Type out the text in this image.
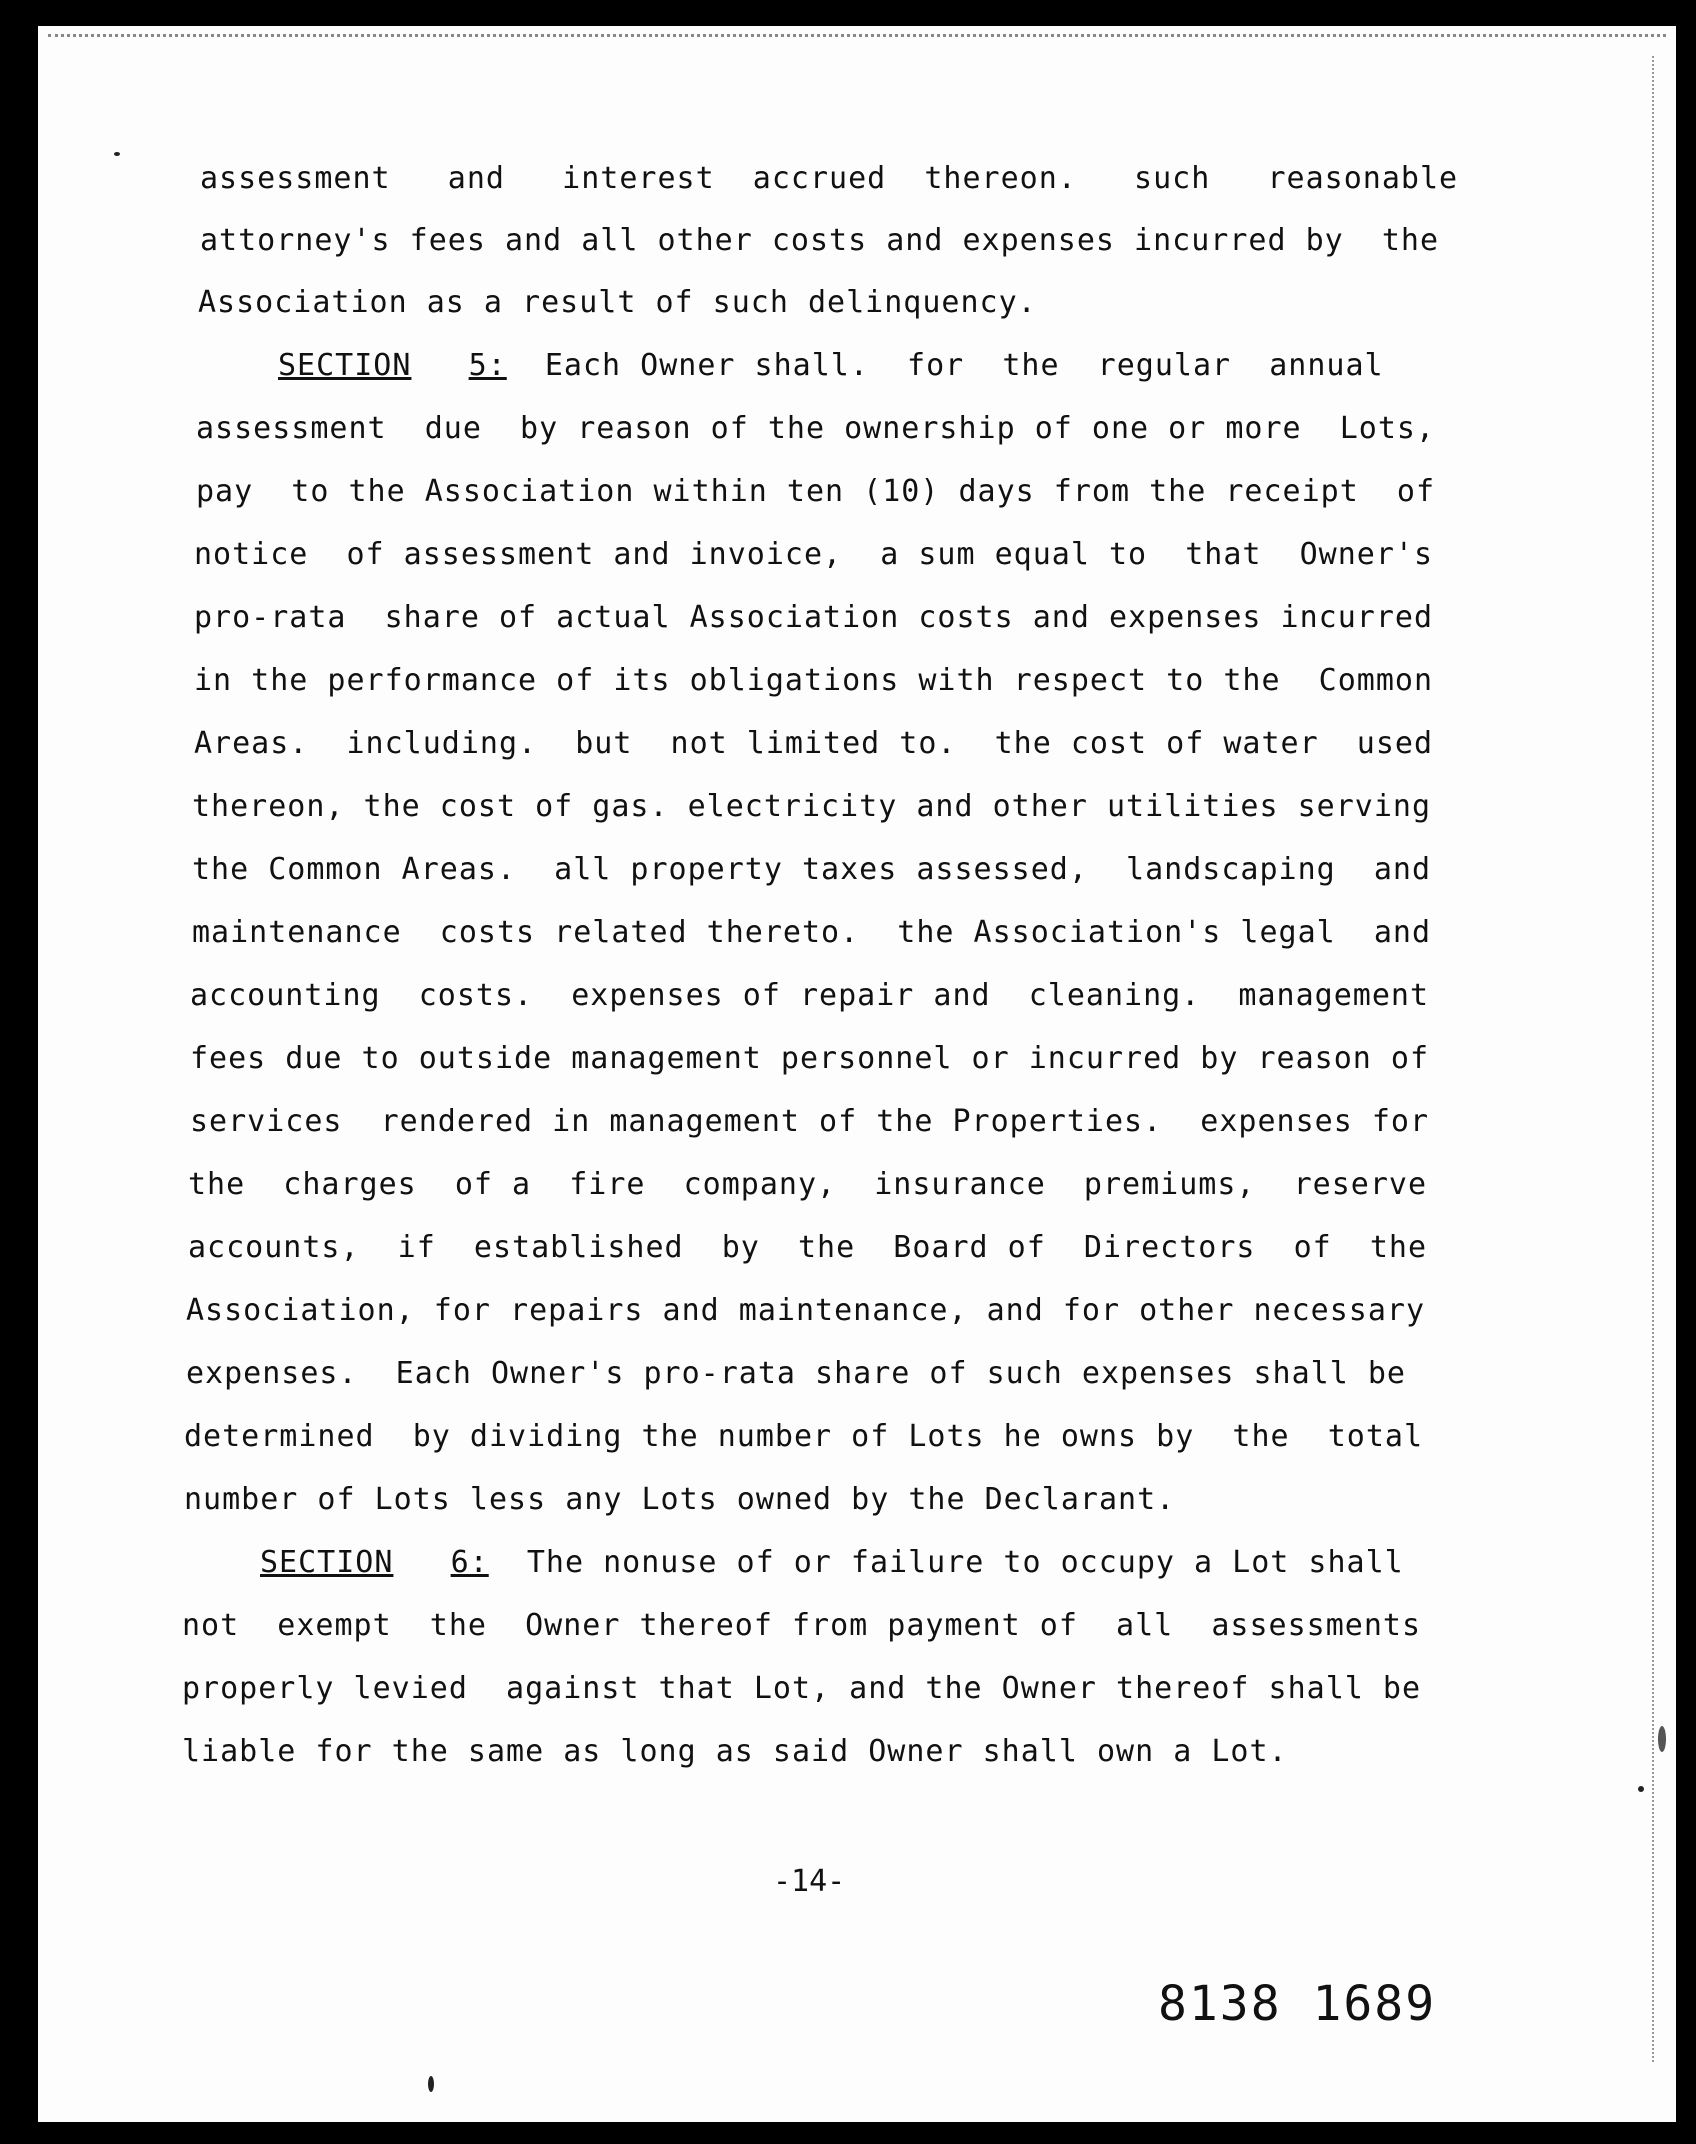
assessment   and   interest  accrued  thereon.   such   reasonable
attorney's fees and all other costs and expenses incurred by  the
Association as a result of such delinquency.
SECTION 5:  Each Owner shall.  for  the  regular  annual
assessment  due  by reason of the ownership of one or more  Lots,
pay  to the Association within ten (10) days from the receipt  of
notice  of assessment and invoice,  a sum equal to  that  Owner's
pro-rata  share of actual Association costs and expenses incurred
in the performance of its obligations with respect to the  Common
Areas.  including.  but  not limited to.  the cost of water  used
thereon, the cost of gas. electricity and other utilities serving
the Common Areas.  all property taxes assessed,  landscaping  and
maintenance  costs related thereto.  the Association's legal  and
accounting  costs.  expenses of repair and  cleaning.  management
fees due to outside management personnel or incurred by reason of
services  rendered in management of the Properties.  expenses for
the  charges  of a  fire  company,  insurance  premiums,  reserve
accounts,  if  established  by  the  Board of  Directors  of  the
Association, for repairs and maintenance, and for other necessary
expenses.  Each Owner's pro-rata share of such expenses shall be
determined  by dividing the number of Lots he owns by  the  total
number of Lots less any Lots owned by the Declarant.
SECTION 6:  The nonuse of or failure to occupy a Lot shall
not  exempt  the  Owner thereof from payment of  all  assessments
properly levied  against that Lot, and the Owner thereof shall be
liable for the same as long as said Owner shall own a Lot.
-14-
8138 1689
